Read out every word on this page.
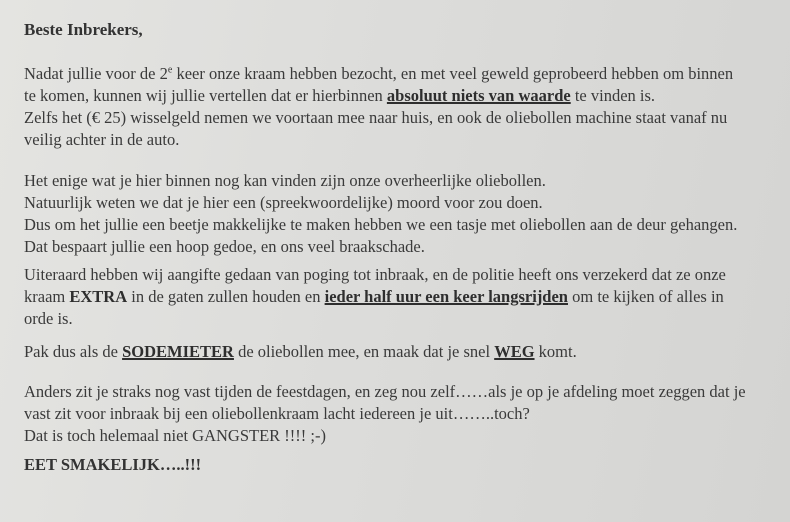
Beste Inbrekers,
Nadat jullie voor de 2e keer onze kraam hebben bezocht, en met veel geweld geprobeerd hebben om binnen
te komen, kunnen wij jullie vertellen dat er hierbinnen absoluut niets van waarde te vinden is.
Zelfs het (€ 25) wisselgeld nemen we voortaan mee naar huis, en ook de oliebollen machine staat vanaf nu
veilig achter in de auto.
Het enige wat je hier binnen nog kan vinden zijn onze overheerlijke oliebollen.
Natuurlijk weten we dat je hier een (spreekwoordelijke) moord voor zou doen.
Dus om het jullie een beetje makkelijke te maken hebben we een tasje met oliebollen aan de deur gehangen.
Dat bespaart jullie een hoop gedoe, en ons veel braakschade.
Uiteraard hebben wij aangifte gedaan van poging tot inbraak, en de politie heeft ons verzekerd dat ze onze
kraam EXTRA in de gaten zullen houden en ieder half uur een keer langsrijden om te kijken of alles in
orde is.
Pak dus als de SODEMIETER de oliebollen mee, en maak dat je snel WEG komt.
Anders zit je straks nog vast tijden de feestdagen, en zeg nou zelf……als je op je afdeling moet zeggen dat je
vast zit voor inbraak bij een oliebollenkraam lacht iedereen je uit……..toch?
Dat is toch helemaal niet GANGSTER !!!! ;-)
EET SMAKELIJK…..!!!
